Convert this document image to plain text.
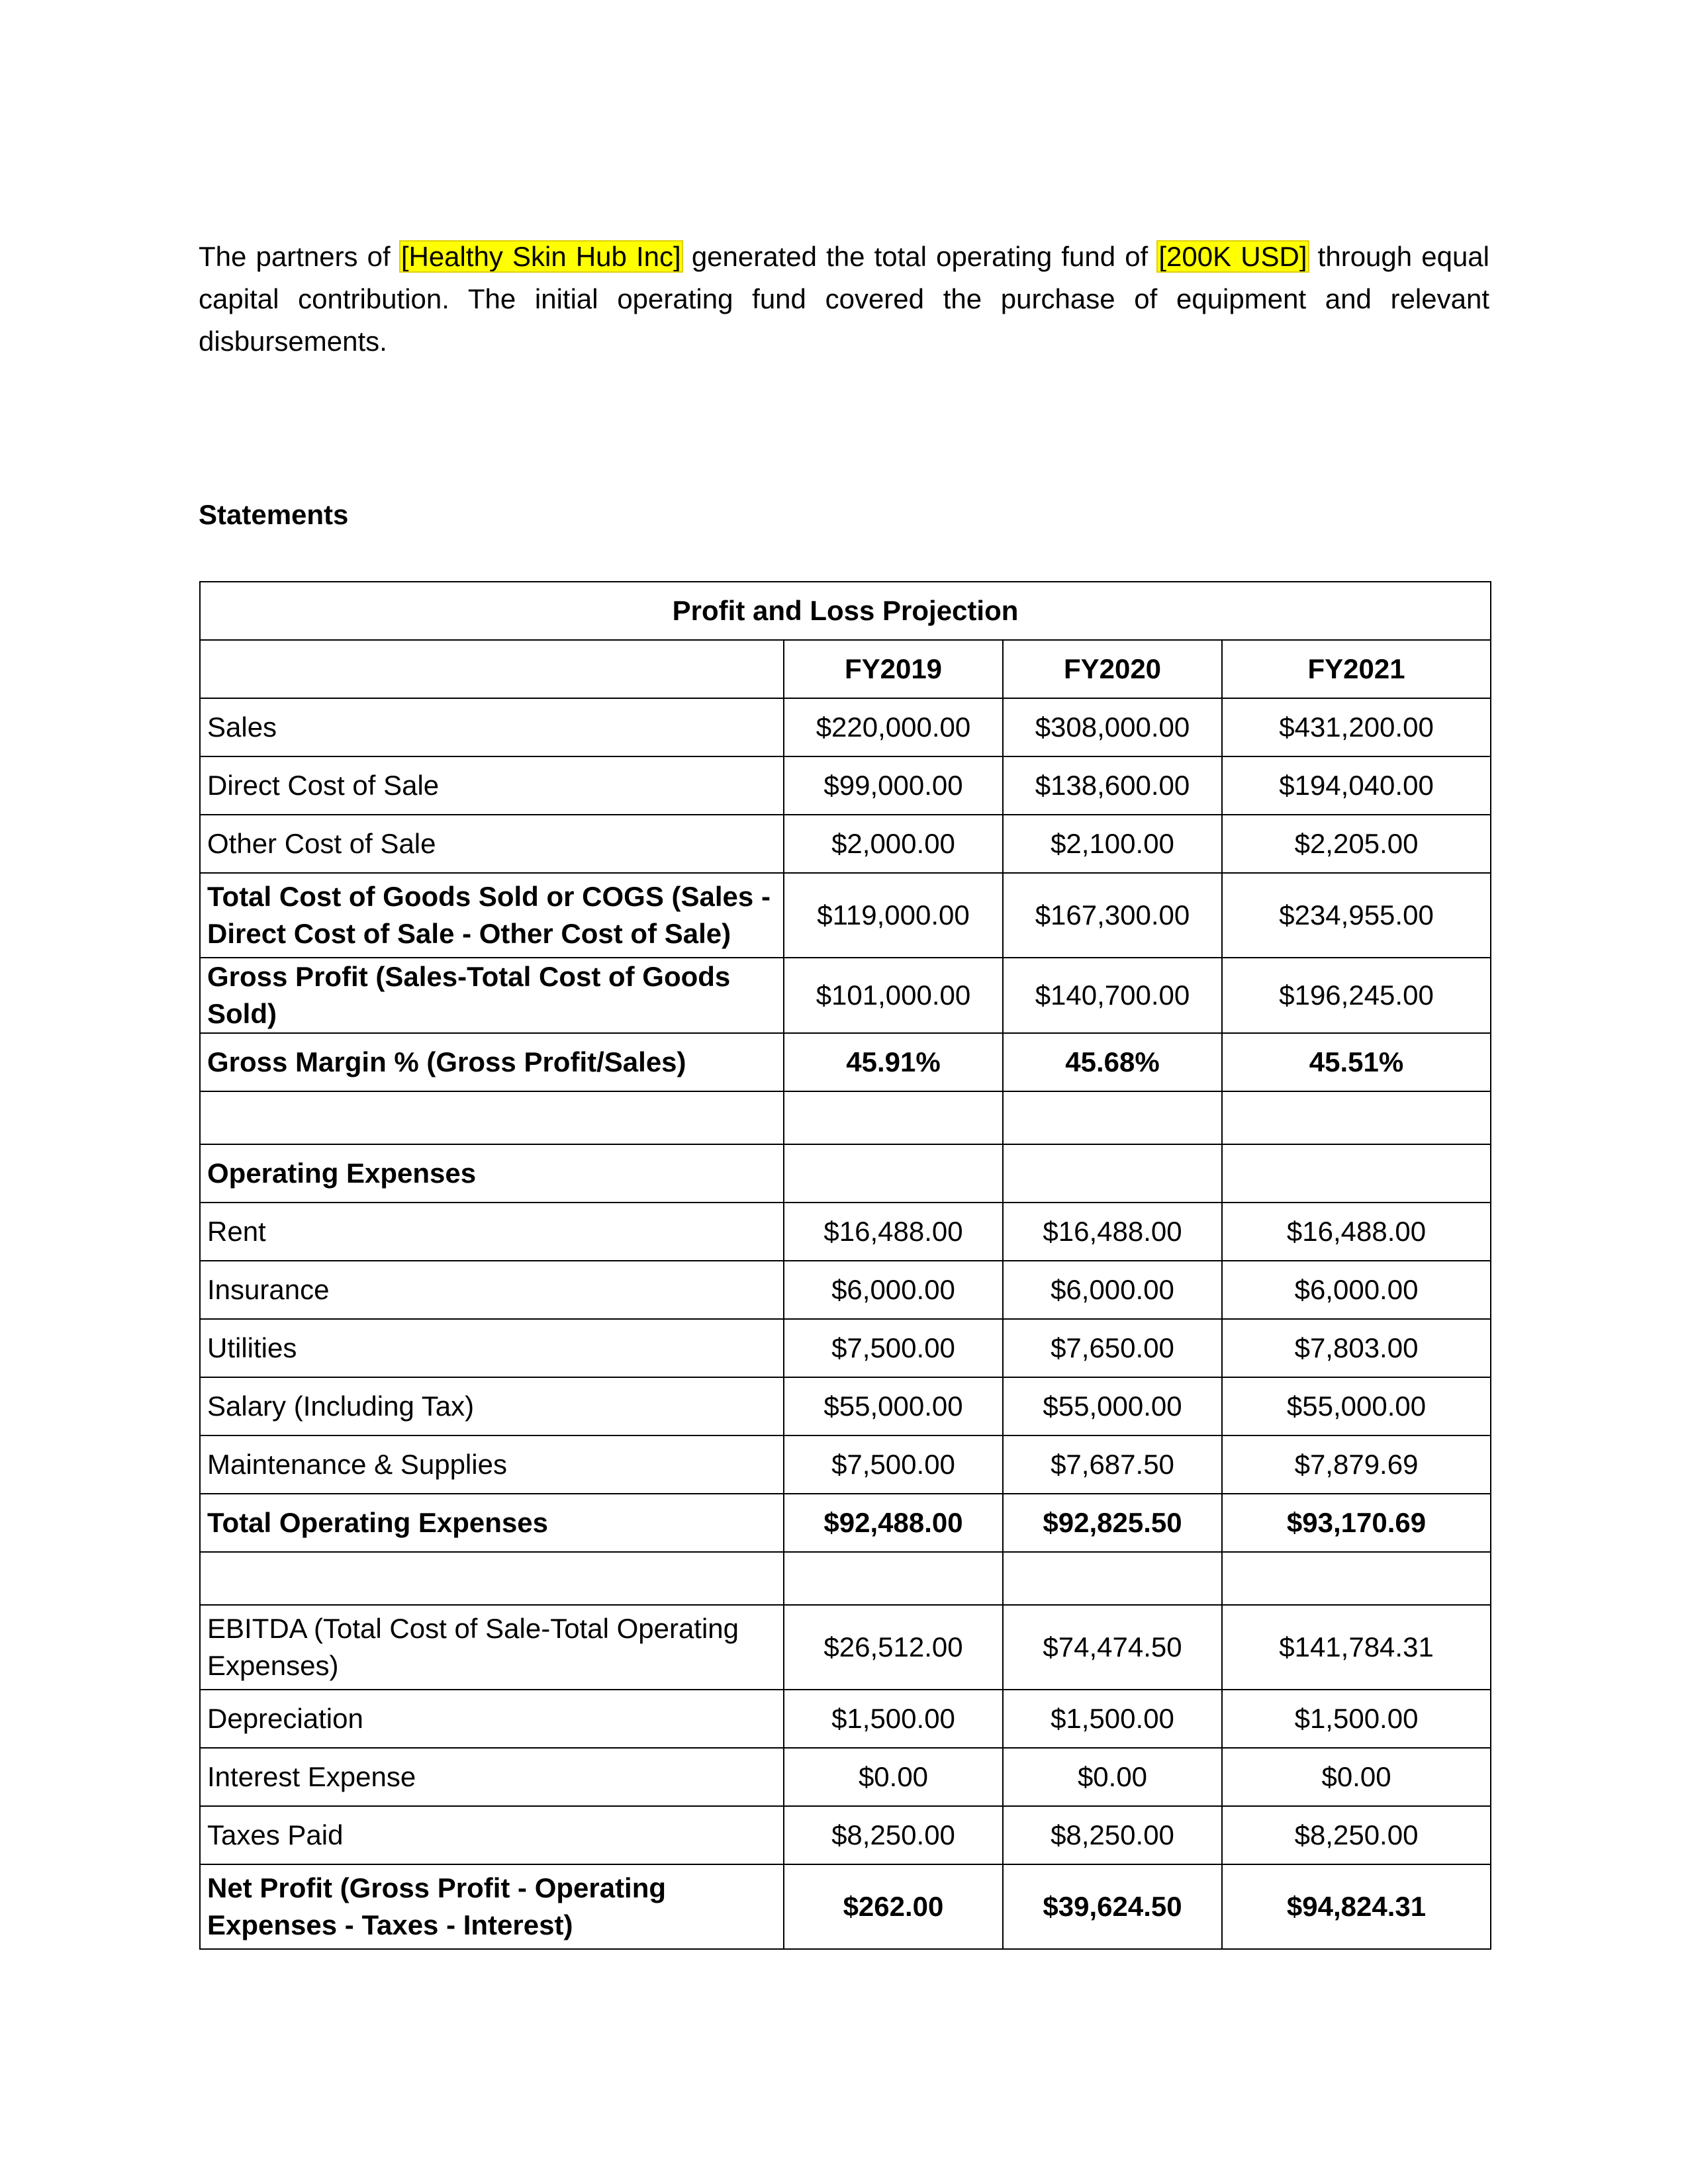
The partners of [Healthy Skin Hub Inc] generated the total operating fund of [200K USD] through equal capital contribution. The initial operating fund covered the purchase of equipment and relevant disbursements.
Statements
Profit and Loss Projection			
	FY2019	FY2020	FY2021
Sales	$220,000.00	$308,000.00	$431,200.00
Direct Cost of Sale	$99,000.00	$138,600.00	$194,040.00
Other Cost of Sale	$2,000.00	$2,100.00	$2,205.00
Total Cost of Goods Sold or COGS (Sales - Direct Cost of Sale - Other Cost of Sale)	$119,000.00	$167,300.00	$234,955.00
Gross Profit (Sales-Total Cost of Goods Sold)	$101,000.00	$140,700.00	$196,245.00
Gross Margin % (Gross Profit/Sales)	45.91%	45.68%	45.51%

Operating Expenses			
Rent	$16,488.00	$16,488.00	$16,488.00
Insurance	$6,000.00	$6,000.00	$6,000.00
Utilities	$7,500.00	$7,650.00	$7,803.00
Salary (Including Tax)	$55,000.00	$55,000.00	$55,000.00
Maintenance & Supplies	$7,500.00	$7,687.50	$7,879.69
Total Operating Expenses	$92,488.00	$92,825.50	$93,170.69

EBITDA (Total Cost of Sale-Total Operating Expenses)	$26,512.00	$74,474.50	$141,784.31
Depreciation	$1,500.00	$1,500.00	$1,500.00
Interest Expense	$0.00	$0.00	$0.00
Taxes Paid	$8,250.00	$8,250.00	$8,250.00
Net Profit (Gross Profit - Operating Expenses - Taxes - Interest)	$262.00	$39,624.50	$94,824.31
